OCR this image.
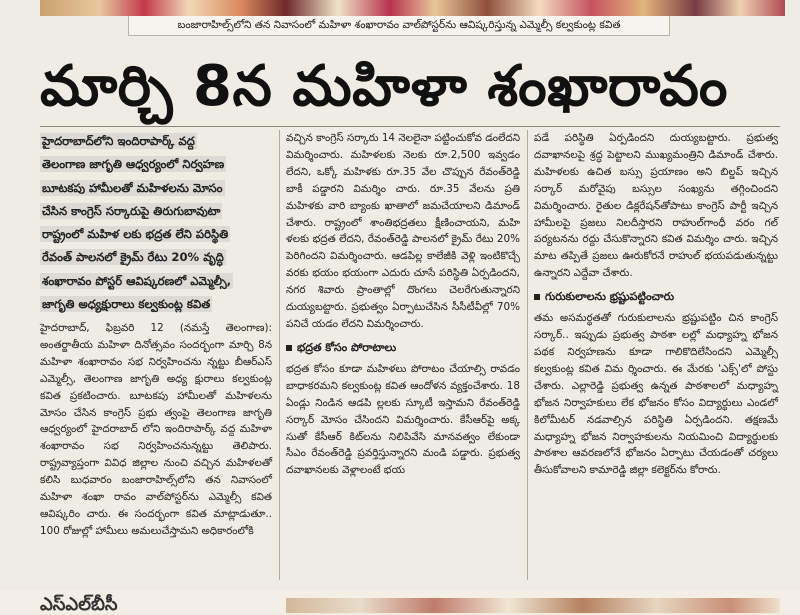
బంజారాహిల్స్‌లోని తన నివాసంలో మహిళా శంఖారావం వాల్‌పోస్టర్‌ను ఆవిష్కరిస్తున్న ఎమ్మెల్సీ కల్వకుంట్ల కవిత
మార్చి 8న మహిళా శంఖారావం
హైదరాబాద్‌లోని ఇందిరాపార్క్ వద్ద
తెలంగాణ జాగృతి ఆధ్వర్యంలో నిర్వహణ
బూటకపు హామీలతో మహిళలను మోసం
చేసిన కాంగ్రెస్ సర్కారుపై తిరుగుబావుటా
రాష్ట్రంలో మహిళ లకు భద్రత లేని పరిస్థితి
రేవంత్ పాలనలో క్రైమ్ రేటు 20% వృద్ధి
శంఖారావం పోస్టర్ ఆవిష్కరణలో ఎమ్మెల్సీ,
జాగృతి అధ్యక్షురాలు కల్వకుంట్ల కవిత

హైదరాబాద్, ఫిబ్రవరి 12 (నమస్తే తెలంగాణ): అంతర్జాతీయ మహిళా దినోత్సవం సందర్భంగా మార్చి 8న మహిళా శంఖారావం సభ నిర్వహించను న్నట్టు బీఆర్‌ఎస్ ఎమ్మెల్సీ, తెలంగాణ జాగృతి అధ్య క్షురాలు కల్వకుంట్ల కవిత ప్రకటించారు. బూటకపు హామీలతో మహిళలను మోసం చేసిన కాంగ్రెస్ ప్రభు త్వంపై తెలంగాణ జాగృతి ఆధ్వర్యంలో హైదరాబాద్ లోని ఇందిరాపార్క్ వద్ద మహిళా శంఖారావం సభ నిర్వహించనున్నట్టు తెలిపారు. రాష్ట్రవ్యాప్తంగా వివిధ జిల్లాల నుంచి వచ్చిన మహిళలతో కలిసి బుధవారం బంజారాహిల్స్‌లోని తన నివాసంలో మహిళా శంఖా రావం వాల్‌పోస్టర్‌ను ఎమ్మెల్సీ కవిత ఆవిష్కరిం చారు. ఈ సందర్భంగా కవిత మాట్లాడుతూ.. 100 రోజుల్లో హామీలు అమలుచేస్తామని అధికారంలోకి

వచ్చిన కాంగ్రెస్ సర్కారు 14 నెలలైనా పట్టించుకోవ డంలేదని విమర్శించారు. మహిళలకు నెలకు రూ.2,500 ఇవ్వడం లేదని, ఒక్కో మహిళకు రూ.35 వేల చొప్పున రేవంత్‌రెడ్డి బాకీ పడ్డారని విమర్శిం చారు. రూ.35 వేలను ప్రతి మహిళకు వారి బ్యాంకు ఖాతాలో జమచేయాలని డిమాండ్ చేశారు. రాష్ట్రంలో శాంతిభద్రతలు క్షీణించాయని, మహి ళలకు భద్రత లేదని, రేవంత్‌రెడ్డి పాలనలో క్రైమ్ రేటు 20% పెరిగిందని విమర్శించారు. ఆడపిల్ల కాలేజీకి వెళ్లి ఇంటికొచ్చే వరకు భయం భయంగా ఎదురు చూసే పరిస్థితి ఏర్పడిందని, నగర శివారు ప్రాంతాల్లో దొంగలు చెలరేగుతున్నారని దుయ్యబట్టారు. ప్రభుత్వం ఏర్పాటుచేసిన సీసీటీవీల్లో 70% పనిచే యడం లేదని విమర్శించారు.

భద్రత కోసం పోరాటాలు

భద్రత కోసం కూడా మహిళలు పోరాటం చేయాల్సి రావడం బాధాకరమని కల్వకుంట్ల కవిత ఆందోళన వ్యక్తంచేశారు. 18 ఏండ్లు నిండిన ఆడపి ల్లలకు స్కూటీ ఇస్తామని రేవంత్‌రెడ్డి సర్కార్ మోసం చేసిందని విమర్శించారు. కేసీఆర్‌పై అక్క సుతో కేసీఆర్ కిట్‌లను నిలిపివేసి మానవత్వం లేకుండా సీఎం రేవంత్‌రెడ్డి ప్రవర్తిస్తున్నారని మండి పడ్డారు. ప్రభుత్వ దవాఖానలకు వెళ్లాలంటే భయ

పడే పరిస్థితి ఏర్పడిందని దుయ్యబట్టారు. ప్రభుత్వ దవాఖానలపై శ్రద్ధ పెట్టాలని ముఖ్యమంత్రిని డిమాండ్ చేశారు. మహిళలకు ఉచిత బస్సు ప్రయాణం అని బిల్డప్ ఇచ్చిన సర్కార్ మరోవైపు బస్సుల సంఖ్యను తగ్గించిందని విమర్శించారు. రైతుల డిక్లరేషన్‌తోపాటు కాంగ్రెస్ పార్టీ ఇచ్చిన హామీలపై ప్రజలు నిలదీస్తారని రాహుల్‌గాంధీ వరం గల్ పర్యటనను రద్దు చేసుకొన్నారని కవిత విమర్శిం చారు. ఇచ్చిన మాట తప్పితే ప్రజలు ఊరుకోరనే రాహుల్ భయపడుతున్నట్టు ఉన్నారని ఎద్దేవా చేశారు.

గురుకులాలను భ్రష్టుపట్టించారు

తమ అసమర్థతతో గురుకులాలను భ్రష్టుపట్టిం చిన కాంగ్రెస్ సర్కార్.. ఇప్పుడు ప్రభుత్వ పాఠశా లల్లో మధ్యాహ్న భోజన పథక నిర్వహణను కూడా గాలికొదిలేసిందని ఎమ్మెల్సీ కల్వకుంట్ల కవిత విమ ర్శించారు. ఈ మేరకు 'ఎక్స్'లో పోస్టు చేశారు. ఎల్లారెడ్డి ప్రభుత్వ ఉన్నత పాఠశాలలో మధ్యాహ్న భోజన నిర్వాహకులు లేక భోజనం కోసం విద్యార్థులు ఎండలో కిలోమీటర్ నడవాల్సిన పరిస్థితి ఏర్పడిందని. తక్షణమే మధ్యాహ్న భోజన నిర్వాహకులను నియమించి విద్యార్థులకు పాఠశాల ఆవరణలోనే భోజనం ఏర్పాటు చేయడంతో చర్యలు తీసుకోవాలని కామారెడ్డి జిల్లా కలెక్టర్‌ను కోరారు.

ఎస్‌ఎల్‌బీసీ
